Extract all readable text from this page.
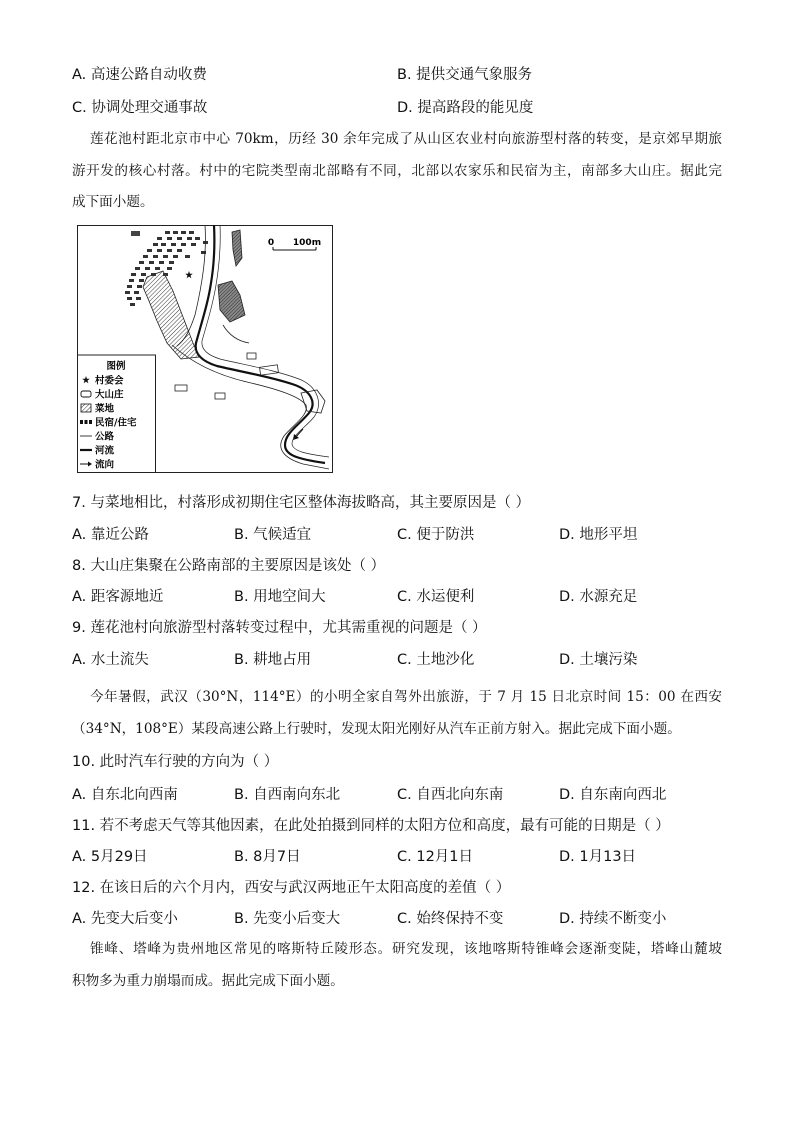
A. 高速公路自动收费	B. 提供交通气象服务
C. 协调处理交通事故	D. 提高路段的能见度
莲花池村距北京市中心 70km，历经 30 余年完成了从山区农业村向旅游型村落的转变，是京郊早期旅
游开发的核心村落。村中的宅院类型南北部略有不同，北部以农家乐和民宿为主，南部多大山庄。据此完
成下面小题。
0 100m
图例
村委会
大山庄
菜地
民宿/住宅
公路
河流
流向
7. 与菜地相比，村落形成初期住宅区整体海拔略高，其主要原因是（ ）
A. 靠近公路	B. 气候适宜	C. 便于防洪	D. 地形平坦
8. 大山庄集聚在公路南部的主要原因是该处（ ）
A. 距客源地近	B. 用地空间大	C. 水运便利	D. 水源充足
9. 莲花池村向旅游型村落转变过程中，尤其需重视的问题是（ ）
A. 水土流失	B. 耕地占用	C. 土地沙化	D. 土壤污染
今年暑假，武汉（30°N，114°E）的小明全家自驾外出旅游，于 7 月 15 日北京时间 15：00 在西安
（34°N，108°E）某段高速公路上行驶时，发现太阳光刚好从汽车正前方射入。据此完成下面小题。
10. 此时汽车行驶的方向为（ ）
A. 自东北向西南	B. 自西南向东北	C. 自西北向东南	D. 自东南向西北
11. 若不考虑天气等其他因素，在此处拍摄到同样的太阳方位和高度，最有可能的日期是（ ）
A. 5月29日	B. 8月7日	C. 12月1日	D. 1月13日
12. 在该日后的六个月内，西安与武汉两地正午太阳高度的差值（ ）
A. 先变大后变小	B. 先变小后变大	C. 始终保持不变	D. 持续不断变小
锥峰、塔峰为贵州地区常见的喀斯特丘陵形态。研究发现，该地喀斯特锥峰会逐渐变陡，塔峰山麓坡
积物多为重力崩塌而成。据此完成下面小题。
